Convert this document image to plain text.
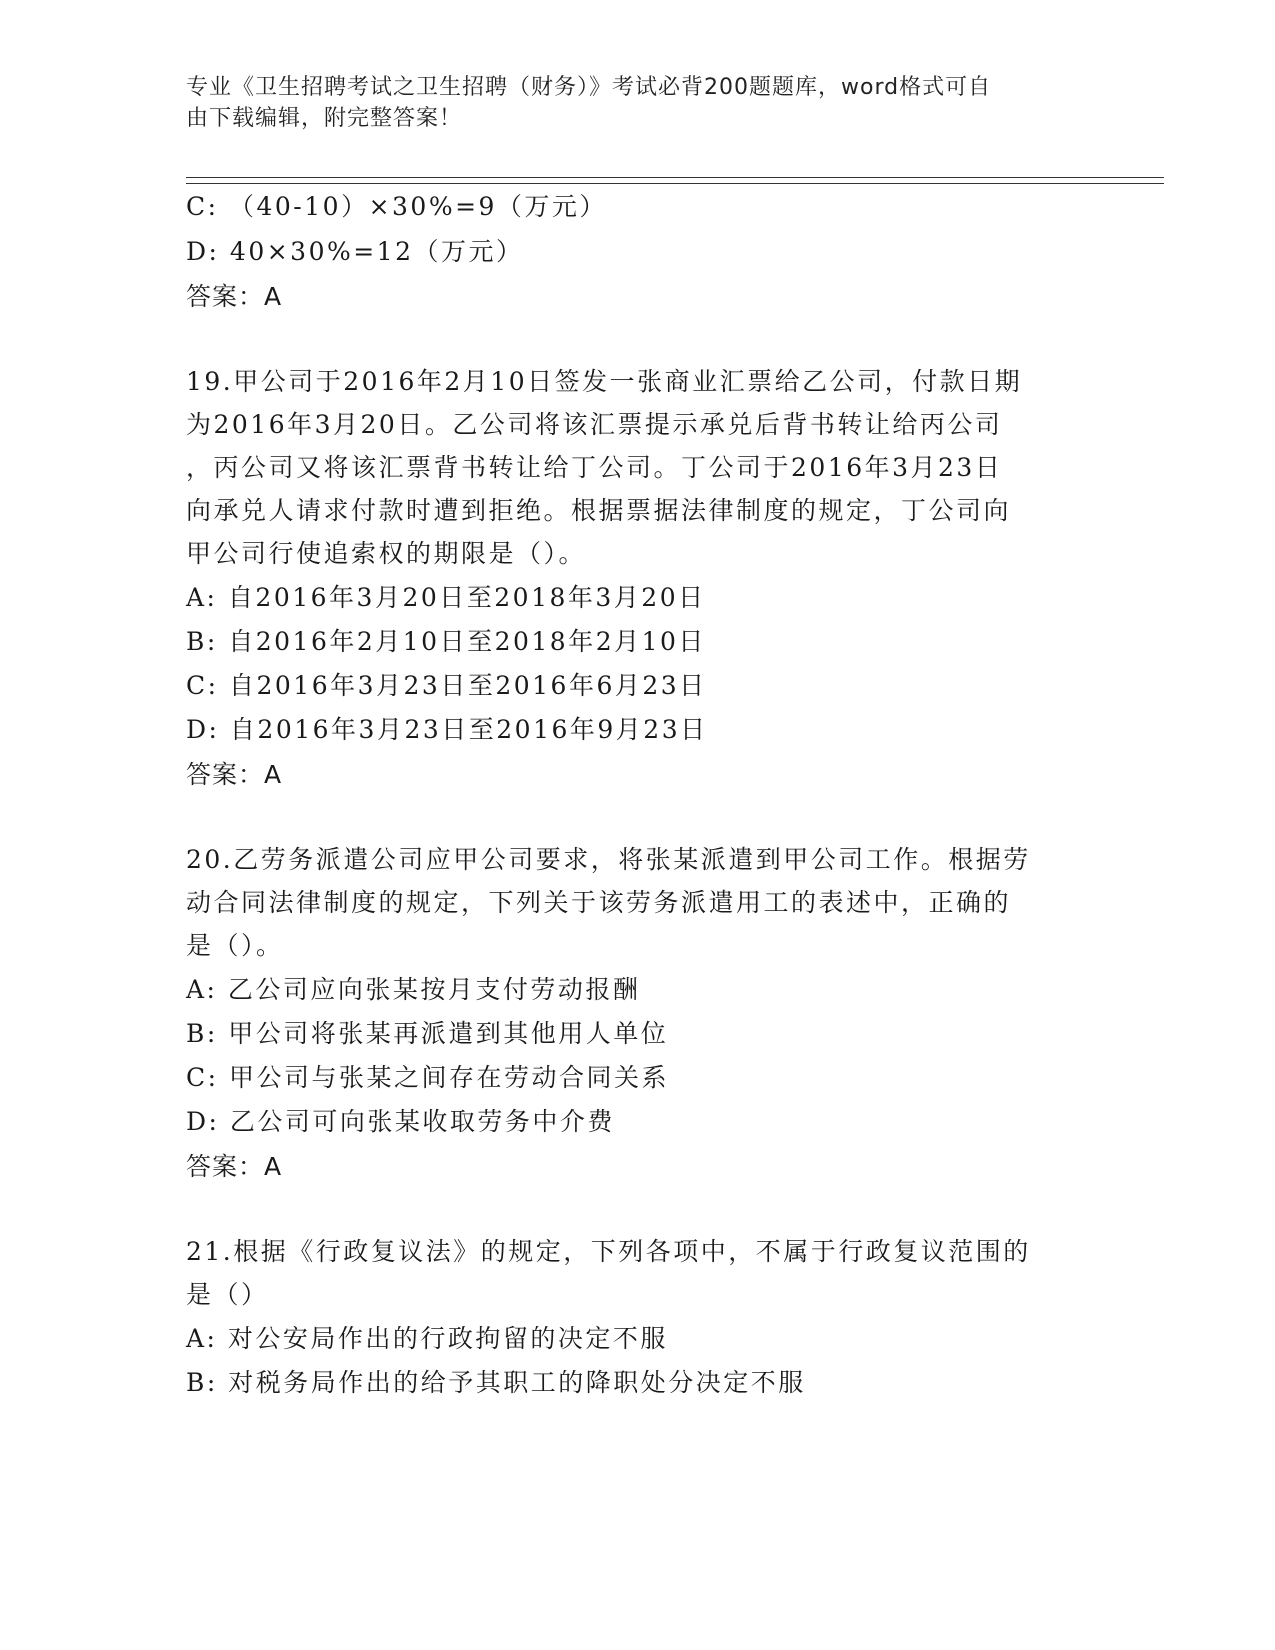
专业《卫生招聘考试之卫生招聘（财务）》考试必背200题题库，word格式可自
由下载编辑，附完整答案！
C: （40-10）×30%=9（万元）
D: 40×30%=12（万元）
答案：A
19.甲公司于2016年2月10日签发一张商业汇票给乙公司，付款日期
为2016年3月20日。乙公司将该汇票提示承兑后背书转让给丙公司
，丙公司又将该汇票背书转让给丁公司。丁公司于2016年3月23日
向承兑人请求付款时遭到拒绝。根据票据法律制度的规定，丁公司向
甲公司行使追索权的期限是（）。
A: 自2016年3月20日至2018年3月20日
B: 自2016年2月10日至2018年2月10日
C: 自2016年3月23日至2016年6月23日
D: 自2016年3月23日至2016年9月23日
答案：A
20.乙劳务派遣公司应甲公司要求，将张某派遣到甲公司工作。根据劳
动合同法律制度的规定，下列关于该劳务派遣用工的表述中，正确的
是（）。
A: 乙公司应向张某按月支付劳动报酬
B: 甲公司将张某再派遣到其他用人单位
C: 甲公司与张某之间存在劳动合同关系
D: 乙公司可向张某收取劳务中介费
答案：A
21.根据《行政复议法》的规定，下列各项中，不属于行政复议范围的
是（）
A: 对公安局作出的行政拘留的决定不服
B: 对税务局作出的给予其职工的降职处分决定不服
